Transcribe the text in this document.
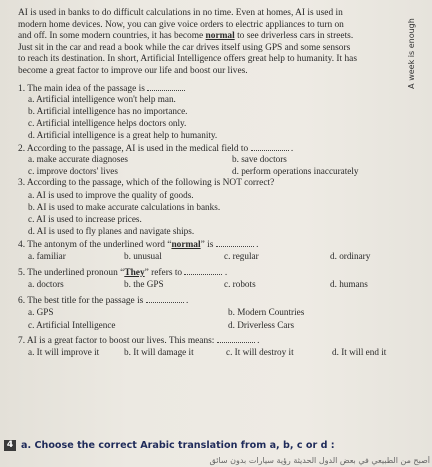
AI is used in banks to do difficult calculations in no time. Even at homes, AI is used in
modern home devices. Now, you can give voice orders to electric appliances to turn on
and off. In some modern countries, it has become normal to see driverless cars in streets.
Just sit in the car and read a book while the car drives itself using GPS and some sensors
to reach its destination. In short, Artificial Intelligence offers great help to humanity. It has
become a great factor to improve our life and boost our lives.	A week is enough
1. The main idea of the passage is
a. Artificial intelligence won't help man.
b. Artificial intelligence has no importance.
c. Artificial intelligence helps doctors only.
d. Artificial intelligence is a great help to humanity.
2. According to the passage, AI is used in the medical field to	.
a. make accurate diagnoses	b. save doctors
c. improve doctors' lives	d. perform operations inaccurately
3. According to the passage, which of the following is NOT correct?
a. AI is used to improve the quality of goods.
b. AI is used to make accurate calculations in banks.
c. AI is used to increase prices.
d. AI is used to fly planes and navigate ships.
4. The antonym of the underlined word “normal” is	.
a. familiar	b. unusual	c. regular	d. ordinary
5. The underlined pronoun “They” refers to	.
a. doctors	b. the GPS	c. robots	d. humans
6. The best title for the passage is	.
a. GPS	b. Modern Countries
c. Artificial Intelligence	d. Driverless Cars
7. AI is a great factor to boost our lives. This means:	.
a. It will improve it	b. It will damage it	c. It will destroy it	d. It will end it
4 a. Choose the correct Arabic translation from a, b, c or d :
أصبح من الطبيعي في بعض الدول الحديثة رؤية سيارات بدون سائق
